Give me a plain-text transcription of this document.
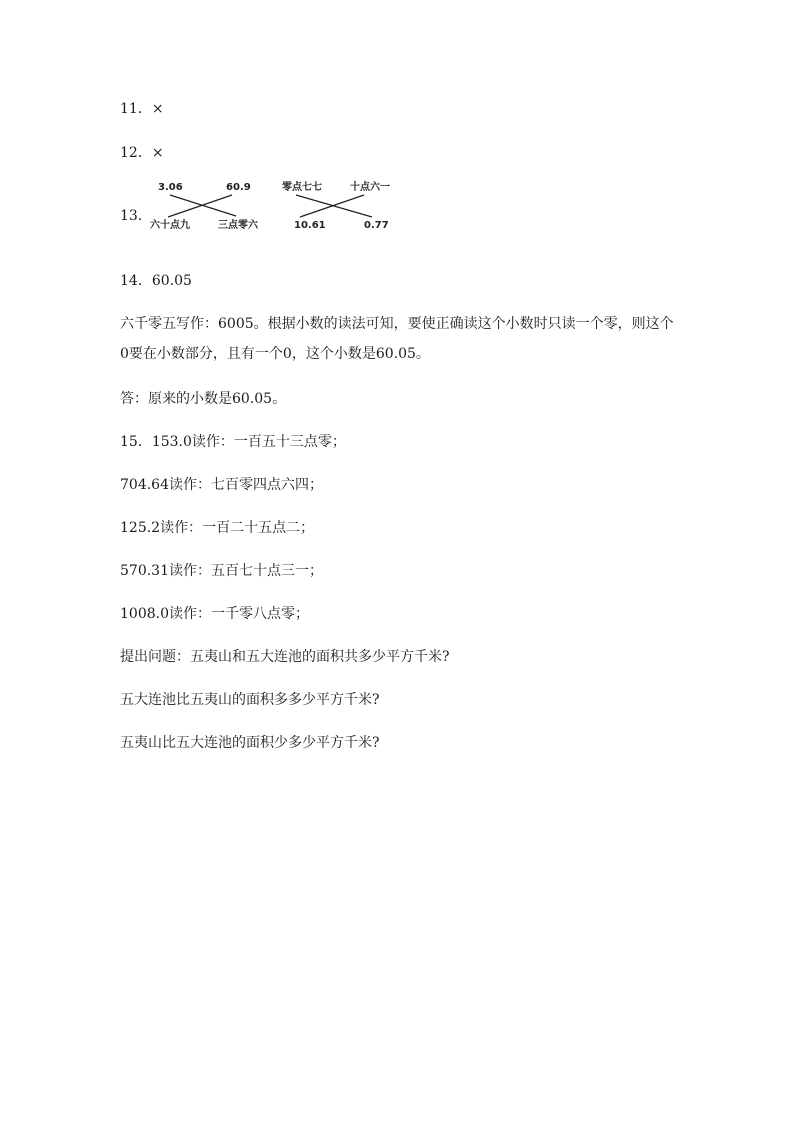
11．×
12．×
13．
3.06	60.9
六十点九	三点零六
零点七七	十点六一
10.61	0.77
14．60.05
六千零五写作：6005。根据小数的读法可知，要使正确读这个小数时只读一个零，则这个
0要在小数部分，且有一个0，这个小数是60.05。
答：原来的小数是60.05。
15．153.0读作：一百五十三点零；
704.64读作：七百零四点六四；
125.2读作：一百二十五点二；
570.31读作：五百七十点三一；
1008.0读作：一千零八点零；
提出问题：五夷山和五大连池的面积共多少平方千米?
五大连池比五夷山的面积多多少平方千米?
五夷山比五大连池的面积少多少平方千米?
